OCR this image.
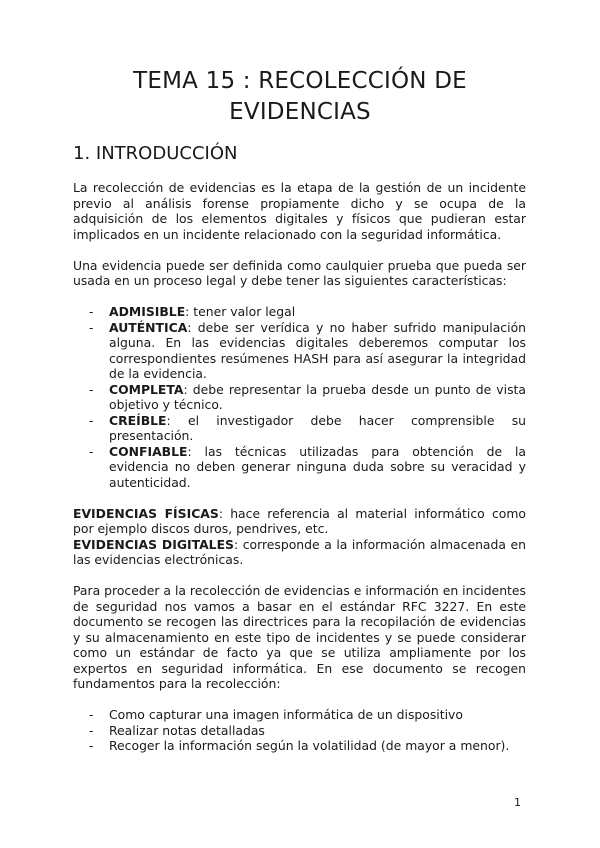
TEMA 15 : RECOLECCIÓN DE EVIDENCIAS
1. INTRODUCCIÓN

La recolección de evidencias es la etapa de la gestión de un incidente previo al análisis forense propiamente dicho y se ocupa de la adquisición de los elementos digitales y físicos que pudieran estar implicados en un incidente relacionado con la seguridad informática.

Una evidencia puede ser definida como caulquier prueba que pueda ser usada en un proceso legal y debe tener las siguientes características:

- ADMISIBLE: tener valor legal
- AUTÉNTICA: debe ser verídica y no haber sufrido manipulación alguna. En las evidencias digitales deberemos computar los correspondientes resúmenes HASH para así asegurar la integridad de la evidencia.
- COMPLETA: debe representar la prueba desde un punto de vista objetivo y técnico.
- CREÍBLE: el investigador debe hacer comprensible su presentación.
- CONFIABLE: las técnicas utilizadas para obtención de la evidencia no deben generar ninguna duda sobre su veracidad y autenticidad.

EVIDENCIAS FÍSICAS: hace referencia al material informático como por ejemplo discos duros, pendrives, etc.

EVIDENCIAS DIGITALES: corresponde a la información almacenada en las evidencias electrónicas.

Para proceder a la recolección de evidencias e información en incidentes de seguridad nos vamos a basar en el estándar RFC 3227. En este documento se recogen las directrices para la recopilación de evidencias y su almacenamiento en este tipo de incidentes y se puede considerar como un estándar de facto ya que se utiliza ampliamente por los expertos en seguridad informática. En ese documento se recogen fundamentos para la recolección:

- Como capturar una imagen informática de un dispositivo
- Realizar notas detalladas
- Recoger la información según la volatilidad (de mayor a menor).
1
